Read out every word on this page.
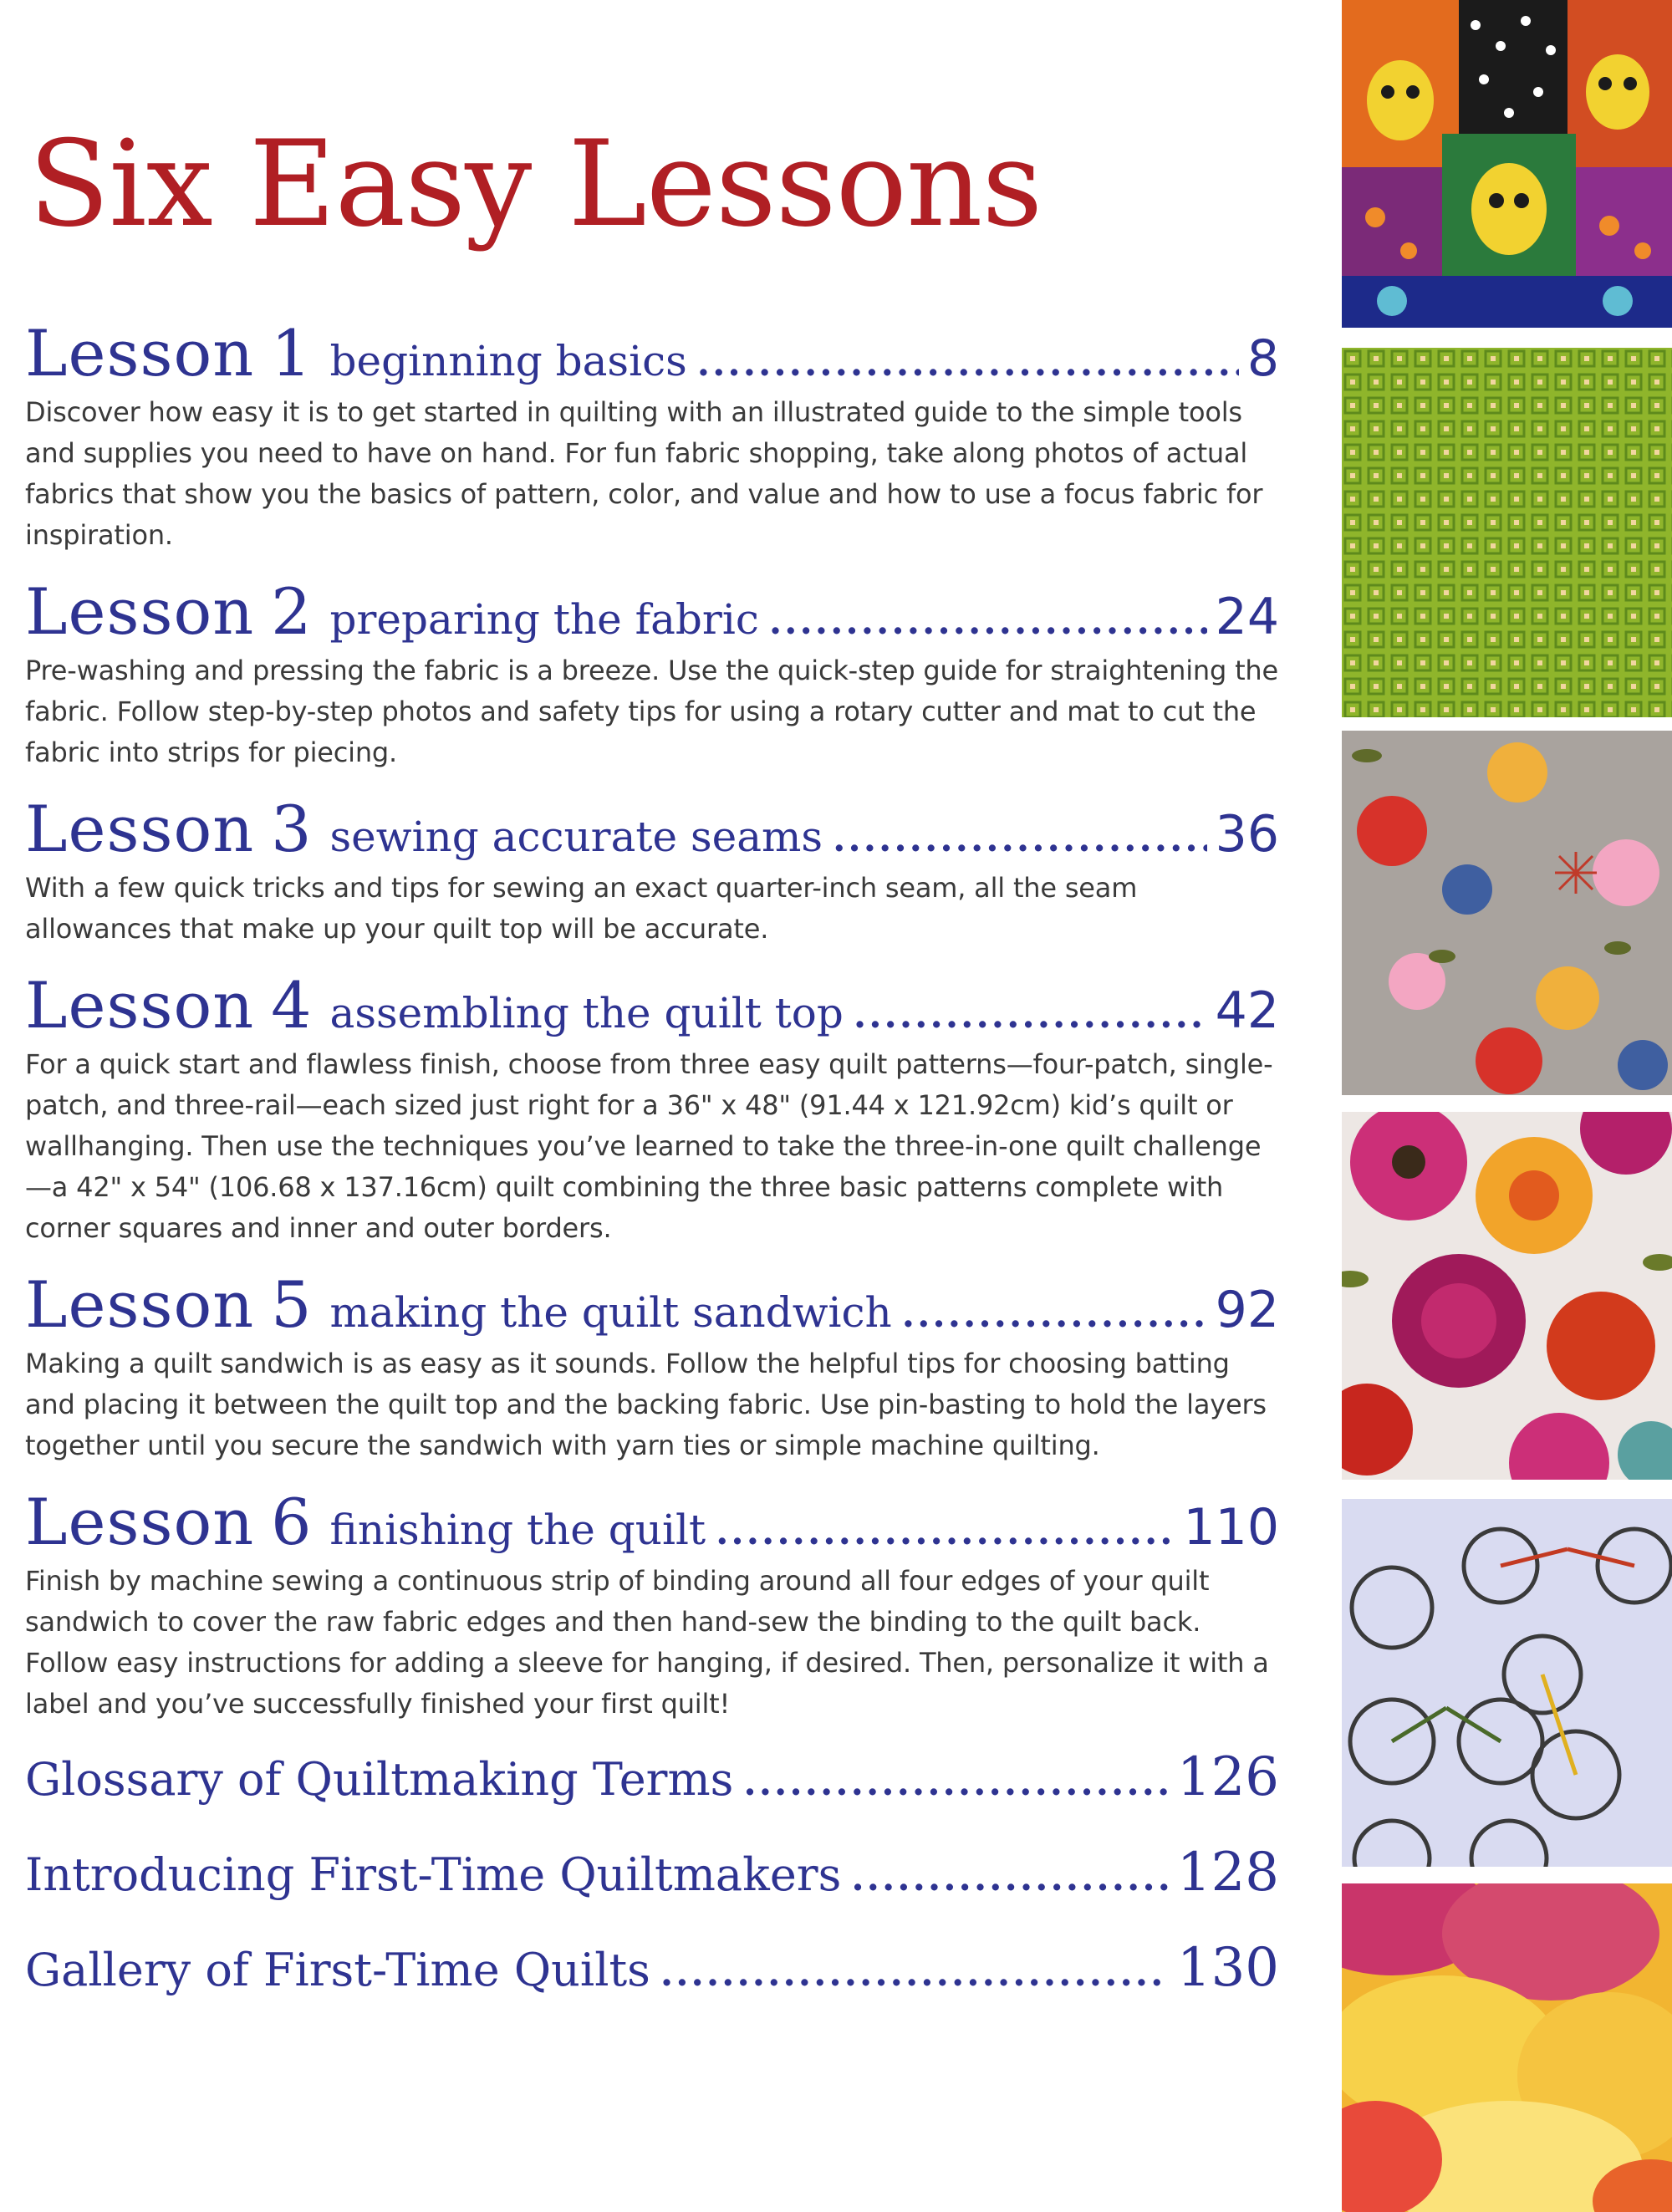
Six Easy Lessons
Lesson 1 beginning basics .....	8

Discover how easy it is to get started in quilting with an illustrated guide to the simple tools and supplies you need to have on hand. For fun fabric shopping, take along photos of actual fabrics that show you the basics of pattern, color, and value and how to use a focus fabric for inspiration.

Lesson 2 preparing the fabric .....	24

Pre-washing and pressing the fabric is a breeze. Use the quick-step guide for straightening the fabric. Follow step-by-step photos and safety tips for using a rotary cutter and mat to cut the fabric into strips for piecing.

Lesson 3 sewing accurate seams .....	36

With a few quick tricks and tips for sewing an exact quarter-inch seam, all the seam allowances that make up your quilt top will be accurate.

Lesson 4 assembling the quilt top .....	42

For a quick start and flawless finish, choose from three easy quilt patterns—four-patch, single-patch, and three-rail—each sized just right for a 36" x 48" (91.44 x 121.92cm) kid’s quilt or wallhanging. Then use the techniques you’ve learned to take the three-in-one quilt challenge—a 42" x 54" (106.68 x 137.16cm) quilt combining the three basic patterns complete with corner squares and inner and outer borders.

Lesson 5 making the quilt sandwich .....	92

Making a quilt sandwich is as easy as it sounds. Follow the helpful tips for choosing batting and placing it between the quilt top and the backing fabric. Use pin-basting to hold the layers together until you secure the sandwich with yarn ties or simple machine quilting.

Lesson 6 finishing the quilt .....	110

Finish by machine sewing a continuous strip of binding around all four edges of your quilt sandwich to cover the raw fabric edges and then hand-sew the binding to the quilt back. Follow easy instructions for adding a sleeve for hanging, if desired. Then, personalize it with a label and you’ve successfully finished your first quilt!

Glossary of Quiltmaking Terms .....	126
Introducing First-Time Quiltmakers .....	128
Gallery of First-Time Quilts .....	130
